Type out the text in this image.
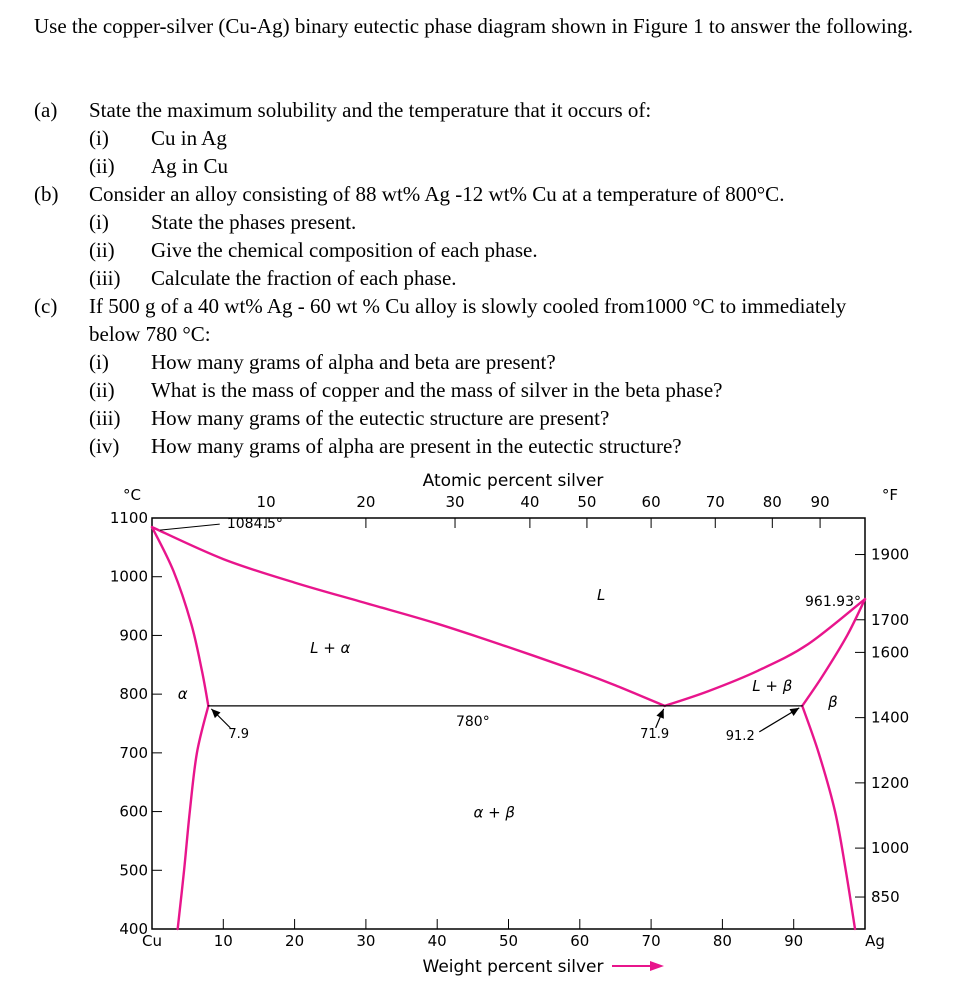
Use the copper-silver (Cu-Ag) binary eutectic phase diagram shown in Figure 1 to answer the following.
(a) State the maximum solubility and the temperature that it occurs of:
(i) Cu in Ag
(ii) Ag in Cu
(b) Consider an alloy consisting of 88 wt% Ag -12 wt% Cu at a temperature of 800°C.
(i) State the phases present.
(ii) Give the chemical composition of each phase.
(iii) Calculate the fraction of each phase.
(c) If 500 g of a 40 wt% Ag - 60 wt % Cu alloy is slowly cooled from1000 °C to immediately
below 780 °C:
(i) How many grams of alpha and beta are present?
(ii) What is the mass of copper and the mass of silver in the beta phase?
(iii) How many grams of the eutectic structure are present?
(iv) How many grams of alpha are present in the eutectic structure?
10	20	30	40	50	60	70	80	90
10	20	30	40	50	60	70	80 90
400
500
600
700
800
900
1000
1100
850
1000
1200
1400
1600
1700
1900
L
L + α
α	L + β
β
α + β
1084.5°
961.93°
780°
7.9	71.9	91.2
Atomic percent silver
Weight percent silver
°C	°F
Cu	Ag
